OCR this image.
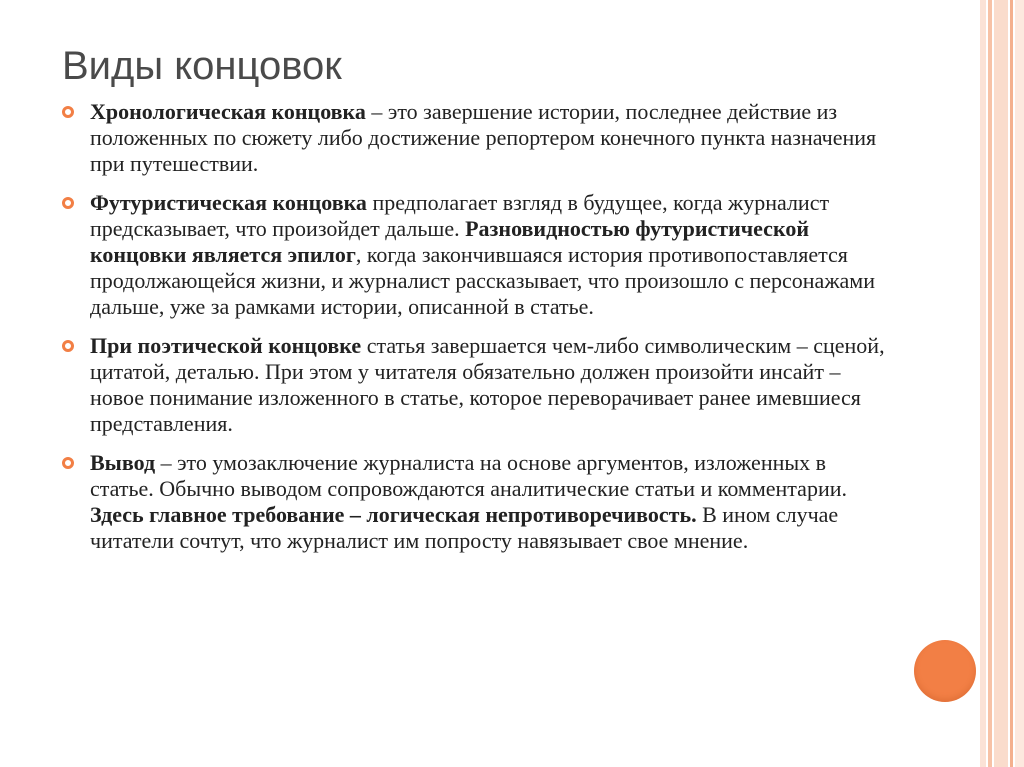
Виды концовок
Хронологическая концовка – это завершение истории, последнее действие из положенных по сюжету либо достижение репортером конечного пункта назначения при путешествии.
Футуристическая концовка предполагает взгляд в будущее, когда журналист предсказывает, что произойдет дальше. Разновидностью футуристической концовки является эпилог, когда закончившаяся история противопоставляется продолжающейся жизни, и журналист рассказывает, что произошло с персонажами дальше, уже за рамками истории, описанной в статье.
При поэтической концовке статья завершается чем-либо символическим – сценой, цитатой, деталью. При этом у читателя обязательно должен произойти инсайт – новое понимание изложенного в статье, которое переворачивает ранее имевшиеся представления.
Вывод – это умозаключение журналиста на основе аргументов, изложенных в статье. Обычно выводом сопровождаются аналитические статьи и комментарии. Здесь главное требование – логическая непротиворечивость. В ином случае читатели сочтут, что журналист им попросту навязывает свое мнение.
